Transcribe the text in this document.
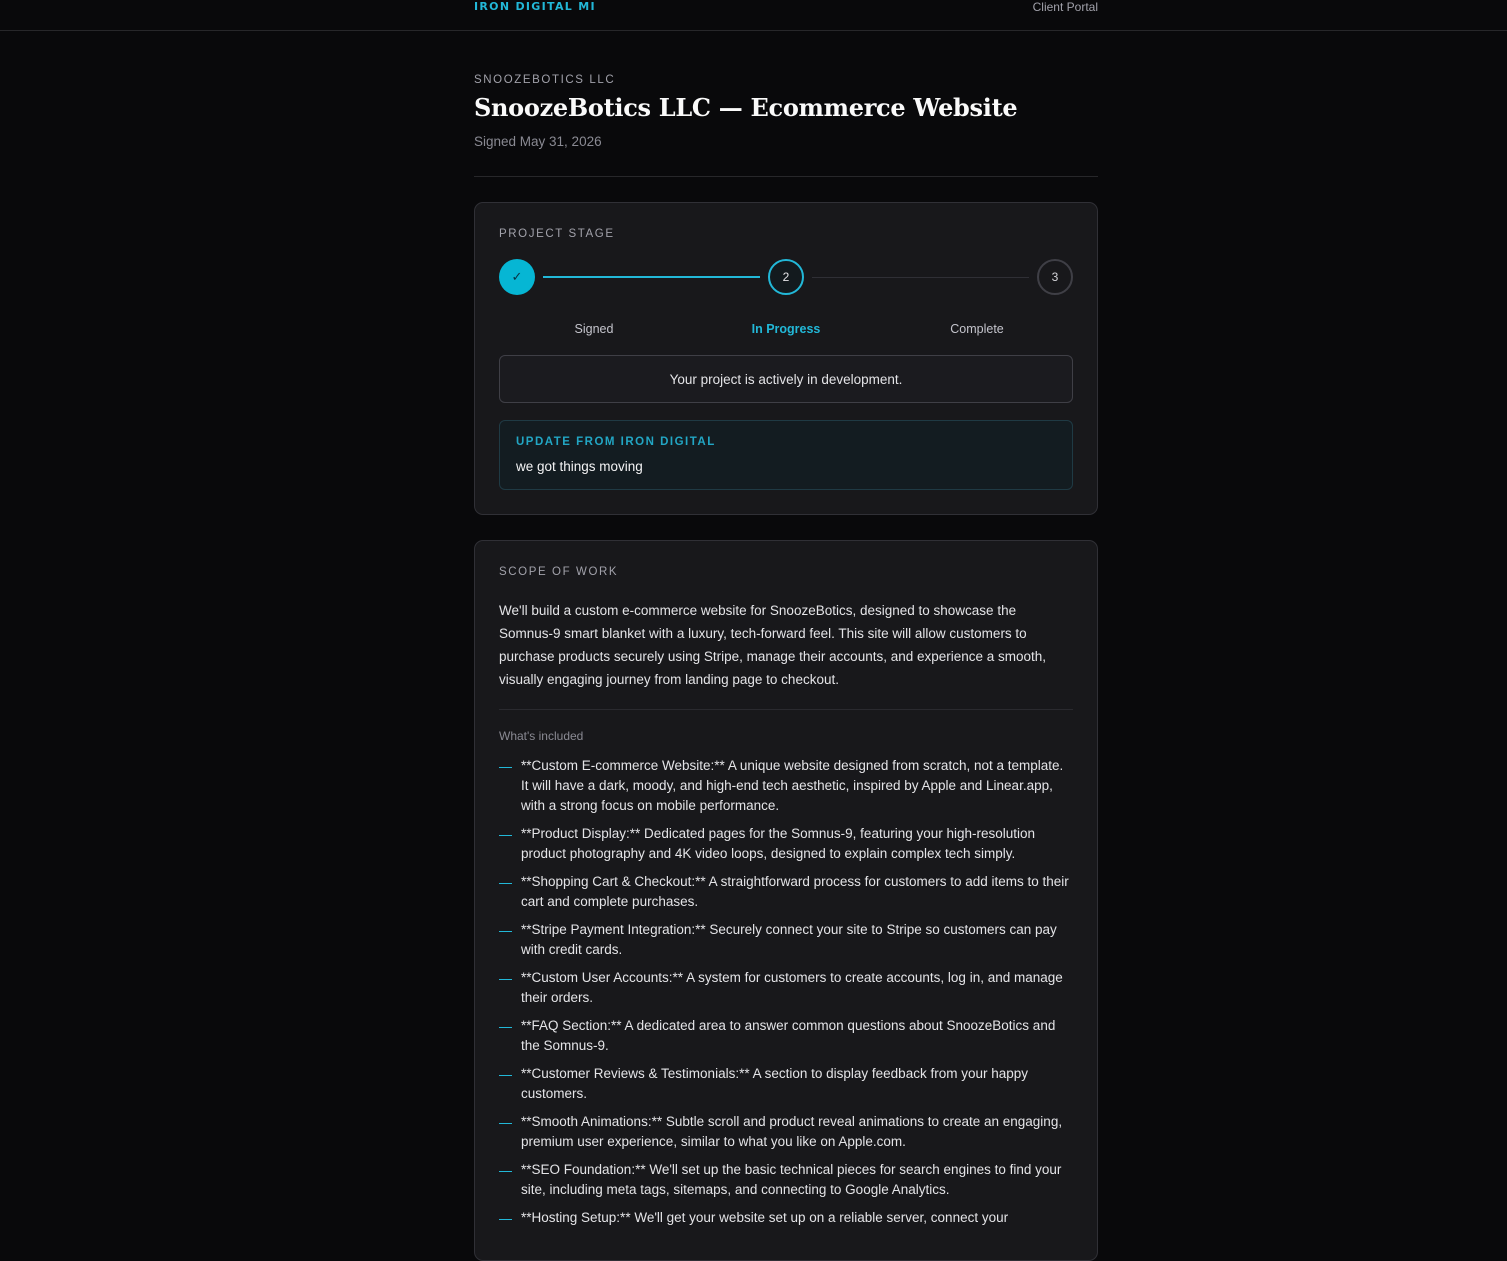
IRON DIGITAL MI	Client Portal
SNOOZEBOTICS LLC
SnoozeBotics LLC — Ecommerce Website
Signed May 31, 2026
PROJECT STAGE
✓	2	3
Signed	In Progress	Complete
Your project is actively in development.
UPDATE FROM IRON DIGITAL
we got things moving
SCOPE OF WORK
We'll build a custom e-commerce website for SnoozeBotics, designed to showcase the Somnus-9 smart blanket with a luxury, tech-forward feel. This site will allow customers to purchase products securely using Stripe, manage their accounts, and experience a smooth, visually engaging journey from landing page to checkout.
What's included
**Custom E-commerce Website:** A unique website designed from scratch, not a template. It will have a dark, moody, and high-end tech aesthetic, inspired by Apple and Linear.app, with a strong focus on mobile performance.
**Product Display:** Dedicated pages for the Somnus-9, featuring your high-resolution product photography and 4K video loops, designed to explain complex tech simply.
**Shopping Cart & Checkout:** A straightforward process for customers to add items to their cart and complete purchases.
**Stripe Payment Integration:** Securely connect your site to Stripe so customers can pay with credit cards.
**Custom User Accounts:** A system for customers to create accounts, log in, and manage their orders.
**FAQ Section:** A dedicated area to answer common questions about SnoozeBotics and the Somnus-9.
**Customer Reviews & Testimonials:** A section to display feedback from your happy customers.
**Smooth Animations:** Subtle scroll and product reveal animations to create an engaging, premium user experience, similar to what you like on Apple.com.
**SEO Foundation:** We'll set up the basic technical pieces for search engines to find your site, including meta tags, sitemaps, and connecting to Google Analytics.
**Hosting Setup:** We'll get your website set up on a reliable server, connect your
